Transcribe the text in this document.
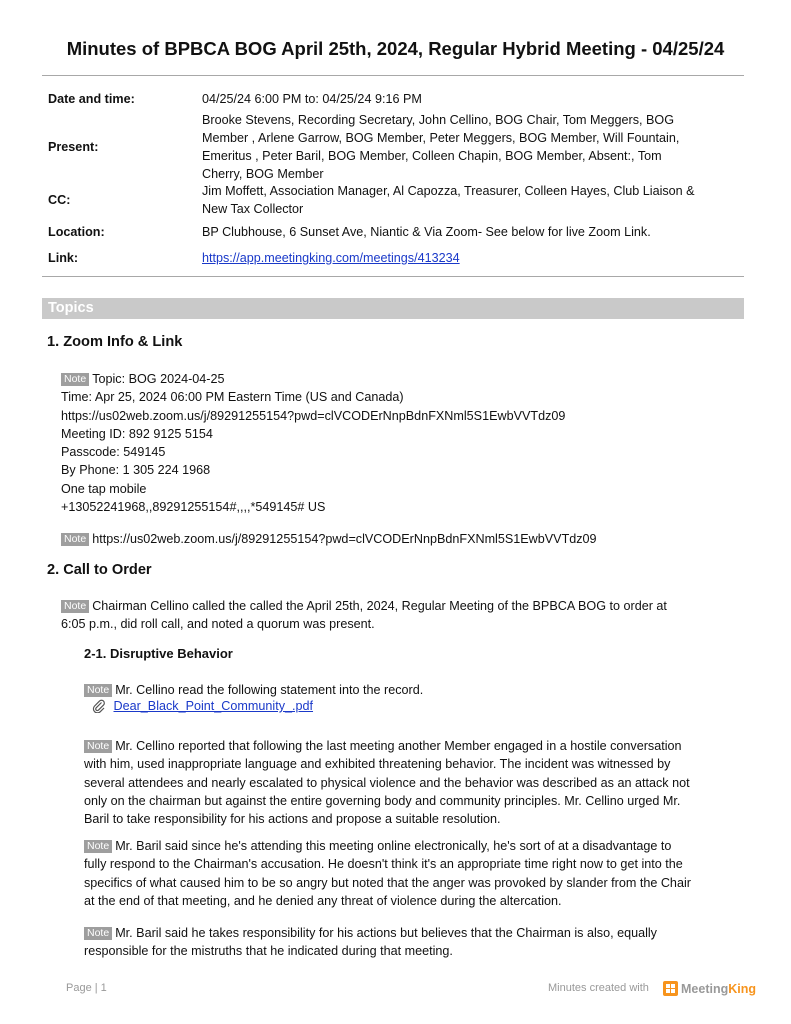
Minutes of BPBCA BOG April 25th, 2024, Regular Hybrid Meeting - 04/25/24
Date and time:	04/25/24 6:00 PM to: 04/25/24 9:16 PM
Present:
Brooke Stevens, Recording Secretary, John Cellino, BOG Chair, Tom Meggers, BOG
Member , Arlene Garrow, BOG Member, Peter Meggers, BOG Member, Will Fountain,
Emeritus , Peter Baril, BOG Member, Colleen Chapin, BOG Member, Absent:, Tom
Cherry, BOG Member
CC:
Jim Moffett, Association Manager, Al Capozza, Treasurer, Colleen Hayes, Club Liaison &
New Tax Collector
Location:	BP Clubhouse, 6 Sunset Ave, Niantic & Via Zoom- See below for live Zoom Link.
Link:	https://app.meetingking.com/meetings/413234
Topics
1. Zoom Info & Link
Note Topic: BOG 2024-04-25
Time: Apr 25, 2024 06:00 PM Eastern Time (US and Canada)
https://us02web.zoom.us/j/89291255154?pwd=clVCODErNnpBdnFXNml5S1EwbVVTdz09
Meeting ID: 892 9125 5154
Passcode: 549145
By Phone: 1 305 224 1968
One tap mobile
+13052241968,,89291255154#,,,,*549145# US
Note https://us02web.zoom.us/j/89291255154?pwd=clVCODErNnpBdnFXNml5S1EwbVVTdz09
2. Call to Order
Note Chairman Cellino called the called the April 25th, 2024, Regular Meeting of the BPBCA BOG to order at
6:05 p.m., did roll call, and noted a quorum was present.
2-1. Disruptive Behavior
Note Mr. Cellino read the following statement into the record.
Dear_Black_Point_Community_.pdf
Note Mr. Cellino reported that following the last meeting another Member engaged in a hostile conversation
with him, used inappropriate language and exhibited threatening behavior. The incident was witnessed by
several attendees and nearly escalated to physical violence and the behavior was described as an attack not
only on the chairman but against the entire governing body and community principles. Mr. Cellino urged Mr.
Baril to take responsibility for his actions and propose a suitable resolution.
Note Mr. Baril said since he's attending this meeting online electronically, he's sort of at a disadvantage to
fully respond to the Chairman's accusation. He doesn't think it's an appropriate time right now to get into the
specifics of what caused him to be so angry but noted that the anger was provoked by slander from the Chair
at the end of that meeting, and he denied any threat of violence during the altercation.
Note Mr. Baril said he takes responsibility for his actions but believes that the Chairman is also, equally
responsible for the mistruths that he indicated during that meeting.
Page | 1	Minutes created with	MeetingKing
